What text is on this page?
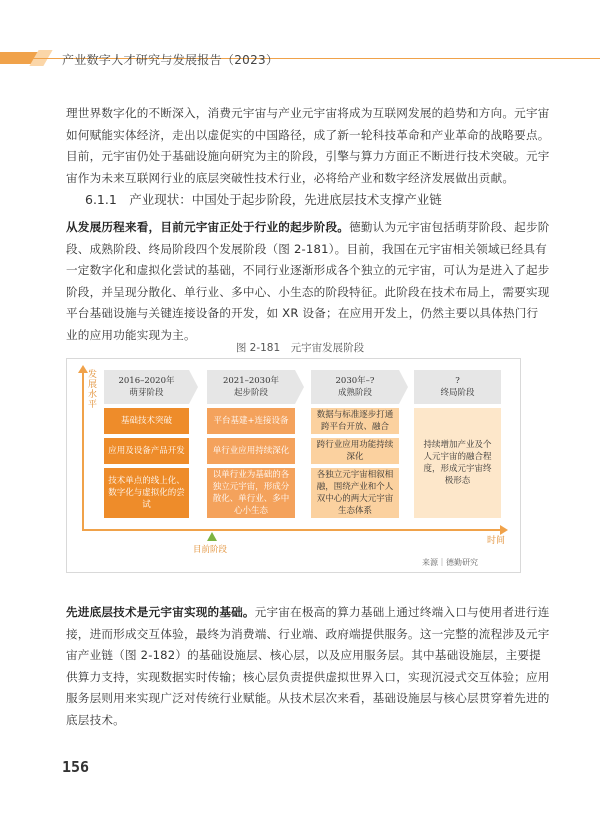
产业数字人才研究与发展报告（2023）
理世界数字化的不断深入，消费元宇宙与产业元宇宙将成为互联网发展的趋势和方向。元宇宙如何赋能实体经济，走出以虚促实的中国路径，成了新一轮科技革命和产业革命的战略要点。目前，元宇宙仍处于基础设施向研究为主的阶段，引擎与算力方面正不断进行技术突破。元宇宙作为未来互联网行业的底层突破性技术行业，必将给产业和数字经济发展做出贡献。
6.1.1　产业现状：中国处于起步阶段，先进底层技术支撑产业链
从发展历程来看，目前元宇宙正处于行业的起步阶段。德勤认为元宇宙包括萌芽阶段、起步阶段、成熟阶段、终局阶段四个发展阶段（图 2-181）。目前，我国在元宇宙相关领域已经具有一定数字化和虚拟化尝试的基础，不同行业逐渐形成各个独立的元宇宙，可认为是进入了起步阶段，并呈现分散化、单行业、多中心、小生态的阶段特征。此阶段在技术布局上，需要实现平台基础设施与关键连接设备的开发，如 XR 设备；在应用开发上，仍然主要以具体热门行业的应用功能实现为主。
图 2-181　元宇宙发展阶段
发展水平
时间
2016–2020年
萌芽阶段
2021–2030年
起步阶段
2030年–?
成熟阶段
?
终局阶段
基础技术突破
应用及设备产品开发
技术单点的线上化、数字化与虚拟化的尝试
平台基建+连接设备
单行业应用持续深化
以单行业为基础的各独立元宇宙，形成分散化、单行业、多中心小生态
数据与标准逐步打通跨平台开放、融合
跨行业应用功能持续深化
各独立元宇宙相叙相融，围绕产业和个人双中心的两大元宇宙生态体系
持续增加产业及个人元宇宙的融合程度，形成元宇宙终极形态
目前阶段
来源｜德勤研究
先进底层技术是元宇宙实现的基础。元宇宙在极高的算力基础上通过终端入口与使用者进行连接，进而形成交互体验，最终为消费端、行业端、政府端提供服务。这一完整的流程涉及元宇宙产业链（图 2-182）的基础设施层、核心层，以及应用服务层。其中基础设施层，主要提供算力支持，实现数据实时传输；核心层负责提供虚拟世界入口，实现沉浸式交互体验；应用服务层则用来实现广泛对传统行业赋能。从技术层次来看，基础设施层与核心层贯穿着先进的底层技术。
156
